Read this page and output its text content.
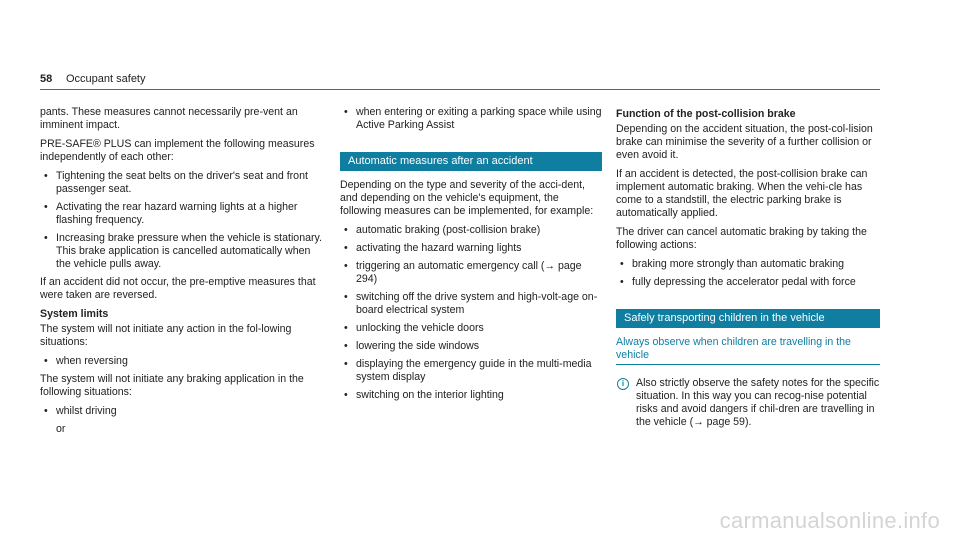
58 Occupant safety

pants. These measures cannot necessarily pre-vent an imminent impact.

PRE-SAFE® PLUS can implement the following measures independently of each other:

• Tightening the seat belts on the driver's seat and front passenger seat.
• Activating the rear hazard warning lights at a higher flashing frequency.
• Increasing brake pressure when the vehicle is stationary. This brake application is cancelled automatically when the vehicle pulls away.

If an accident did not occur, the pre-emptive measures that were taken are reversed.

System limits

The system will not initiate any action in the fol-lowing situations:

• when reversing

The system will not initiate any braking application in the following situations:

• whilst driving
or
• when entering or exiting a parking space while using Active Parking Assist
Automatic measures after an accident

Depending on the type and severity of the acci-dent, and depending on the vehicle's equipment, the following measures can be implemented, for example:

• automatic braking (post-collision brake)
• activating the hazard warning lights
• triggering an automatic emergency call (→ page 294)
• switching off the drive system and high-volt-age on-board electrical system
• unlocking the vehicle doors
• lowering the side windows
• displaying the emergency guide in the multi-media system display
• switching on the interior lighting
Function of the post-collision brake

Depending on the accident situation, the post-col-lision brake can minimise the severity of a further collision or even avoid it.

If an accident is detected, the post-collision brake can implement automatic braking. When the vehi-cle has come to a standstill, the electric parking brake is automatically applied.

The driver can cancel automatic braking by taking the following actions:

• braking more strongly than automatic braking
• fully depressing the accelerator pedal with force
Safely transporting children in the vehicle
Always observe when children are travelling in the vehicle
i	Also strictly observe the safety notes for the specific situation. In this way you can recog-nise potential risks and avoid dangers if chil-dren are travelling in the vehicle (→ page 59).
carmanualsonline.info
